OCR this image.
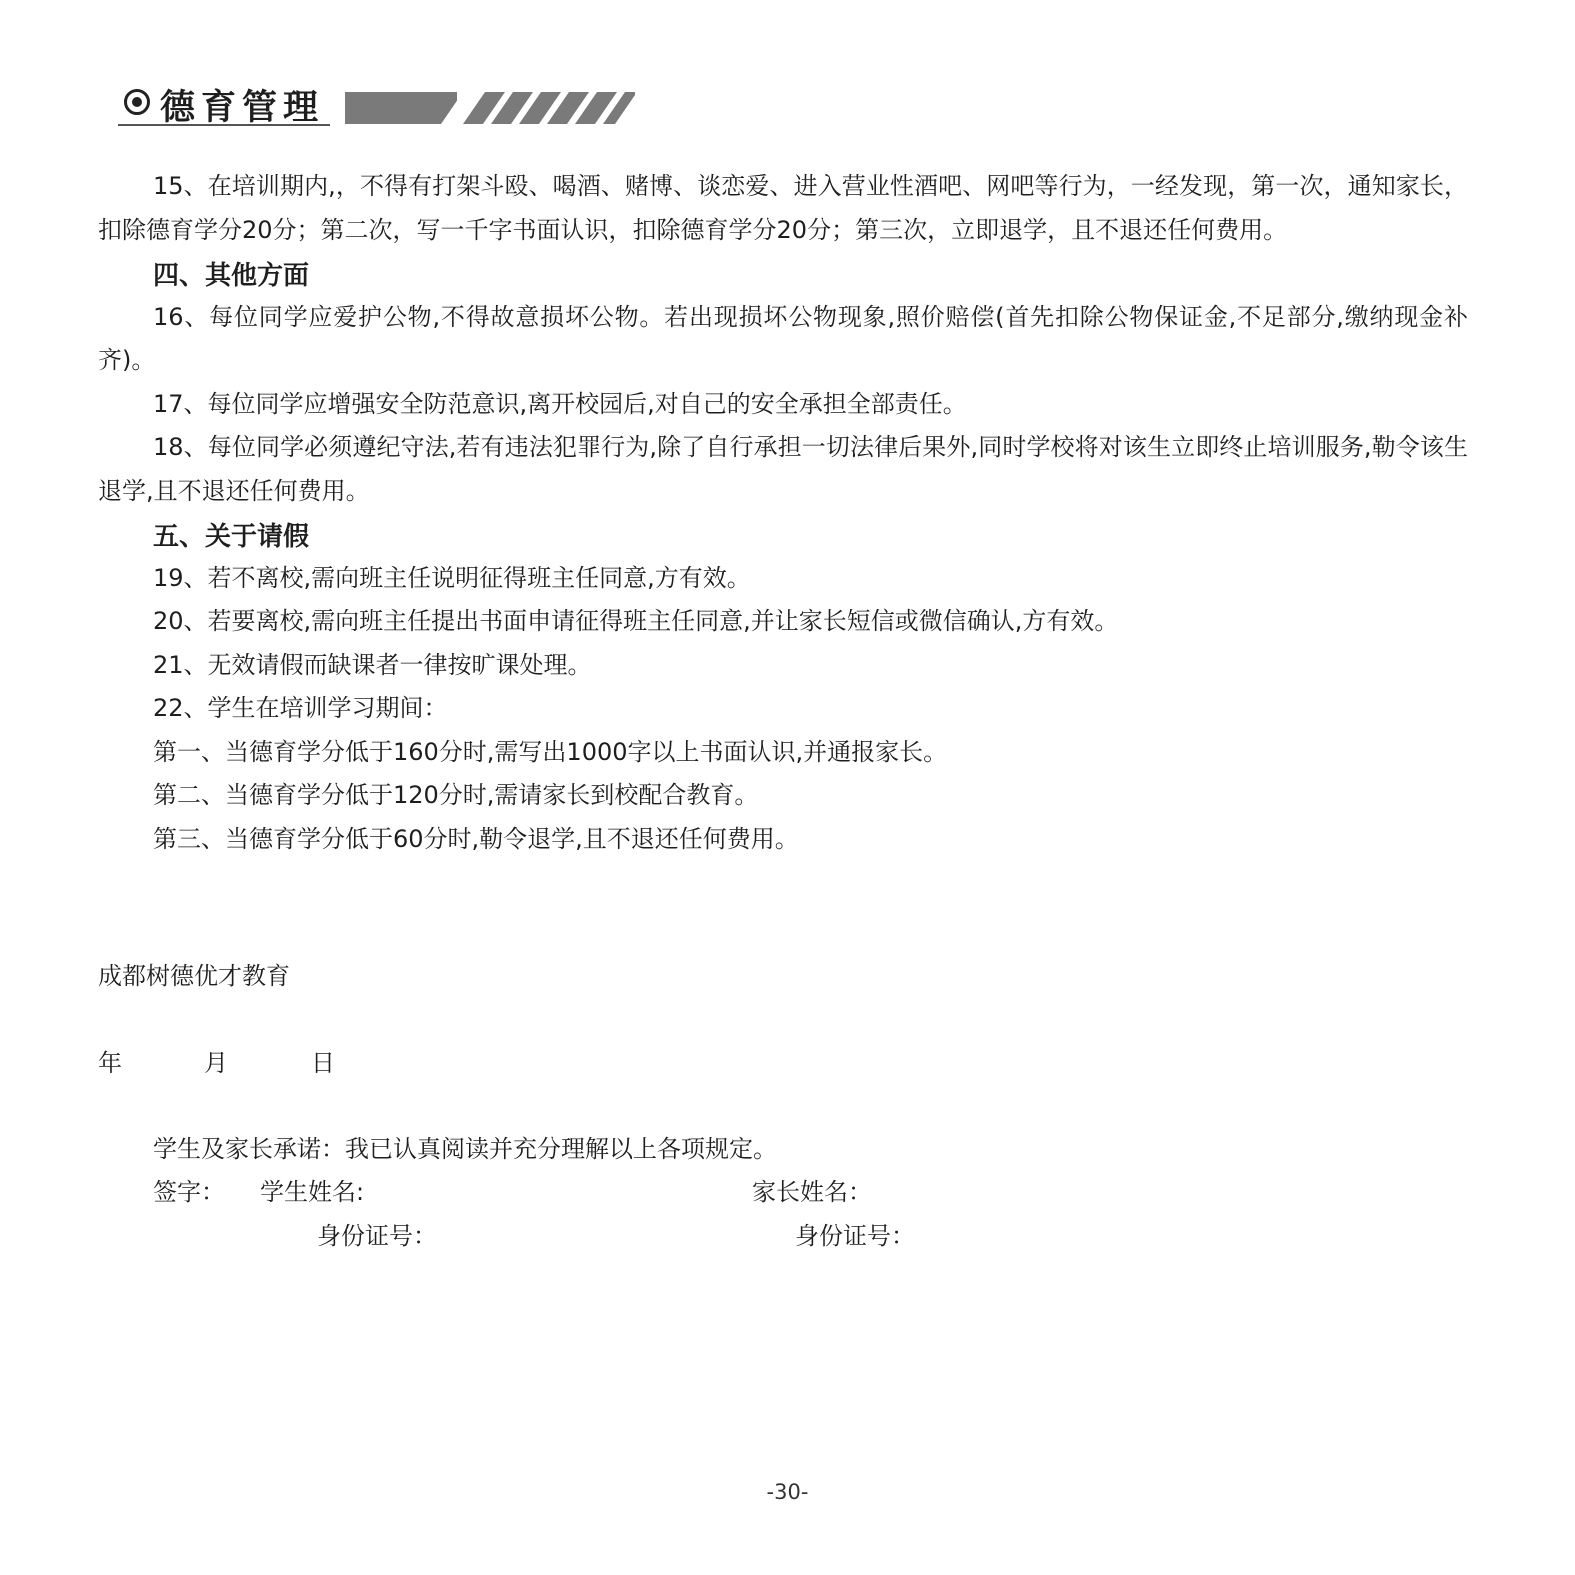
德育管理

15、在培训期内,，不得有打架斗殴、喝酒、赌博、谈恋爱、进入营业性酒吧、网吧等行为，一经发现，第一次，通知家长，扣除德育学分20分；第二次，写一千字书面认识，扣除德育学分20分；第三次，立即退学，且不退还任何费用。

四、其他方面

16、每位同学应爱护公物,不得故意损坏公物。若出现损坏公物现象,照价赔偿(首先扣除公物保证金,不足部分,缴纳现金补齐)。

17、每位同学应增强安全防范意识,离开校园后,对自己的安全承担全部责任。

18、每位同学必须遵纪守法,若有违法犯罪行为,除了自行承担一切法律后果外,同时学校将对该生立即终止培训服务,勒令该生退学,且不退还任何费用。

五、关于请假

19、若不离校,需向班主任说明征得班主任同意,方有效。

20、若要离校,需向班主任提出书面申请征得班主任同意,并让家长短信或微信确认,方有效。

21、无效请假而缺课者一律按旷课处理。

22、学生在培训学习期间：

第一、当德育学分低于160分时,需写出1000字以上书面认识,并通报家长。

第二、当德育学分低于120分时,需请家长到校配合教育。

第三、当德育学分低于60分时,勒令退学,且不退还任何费用。

成都树德优才教育
年	月	日
学生及家长承诺：我已认真阅读并充分理解以上各项规定。
签字： 学生姓名:	家长姓名：
身份证号：	身份证号：
-30-
